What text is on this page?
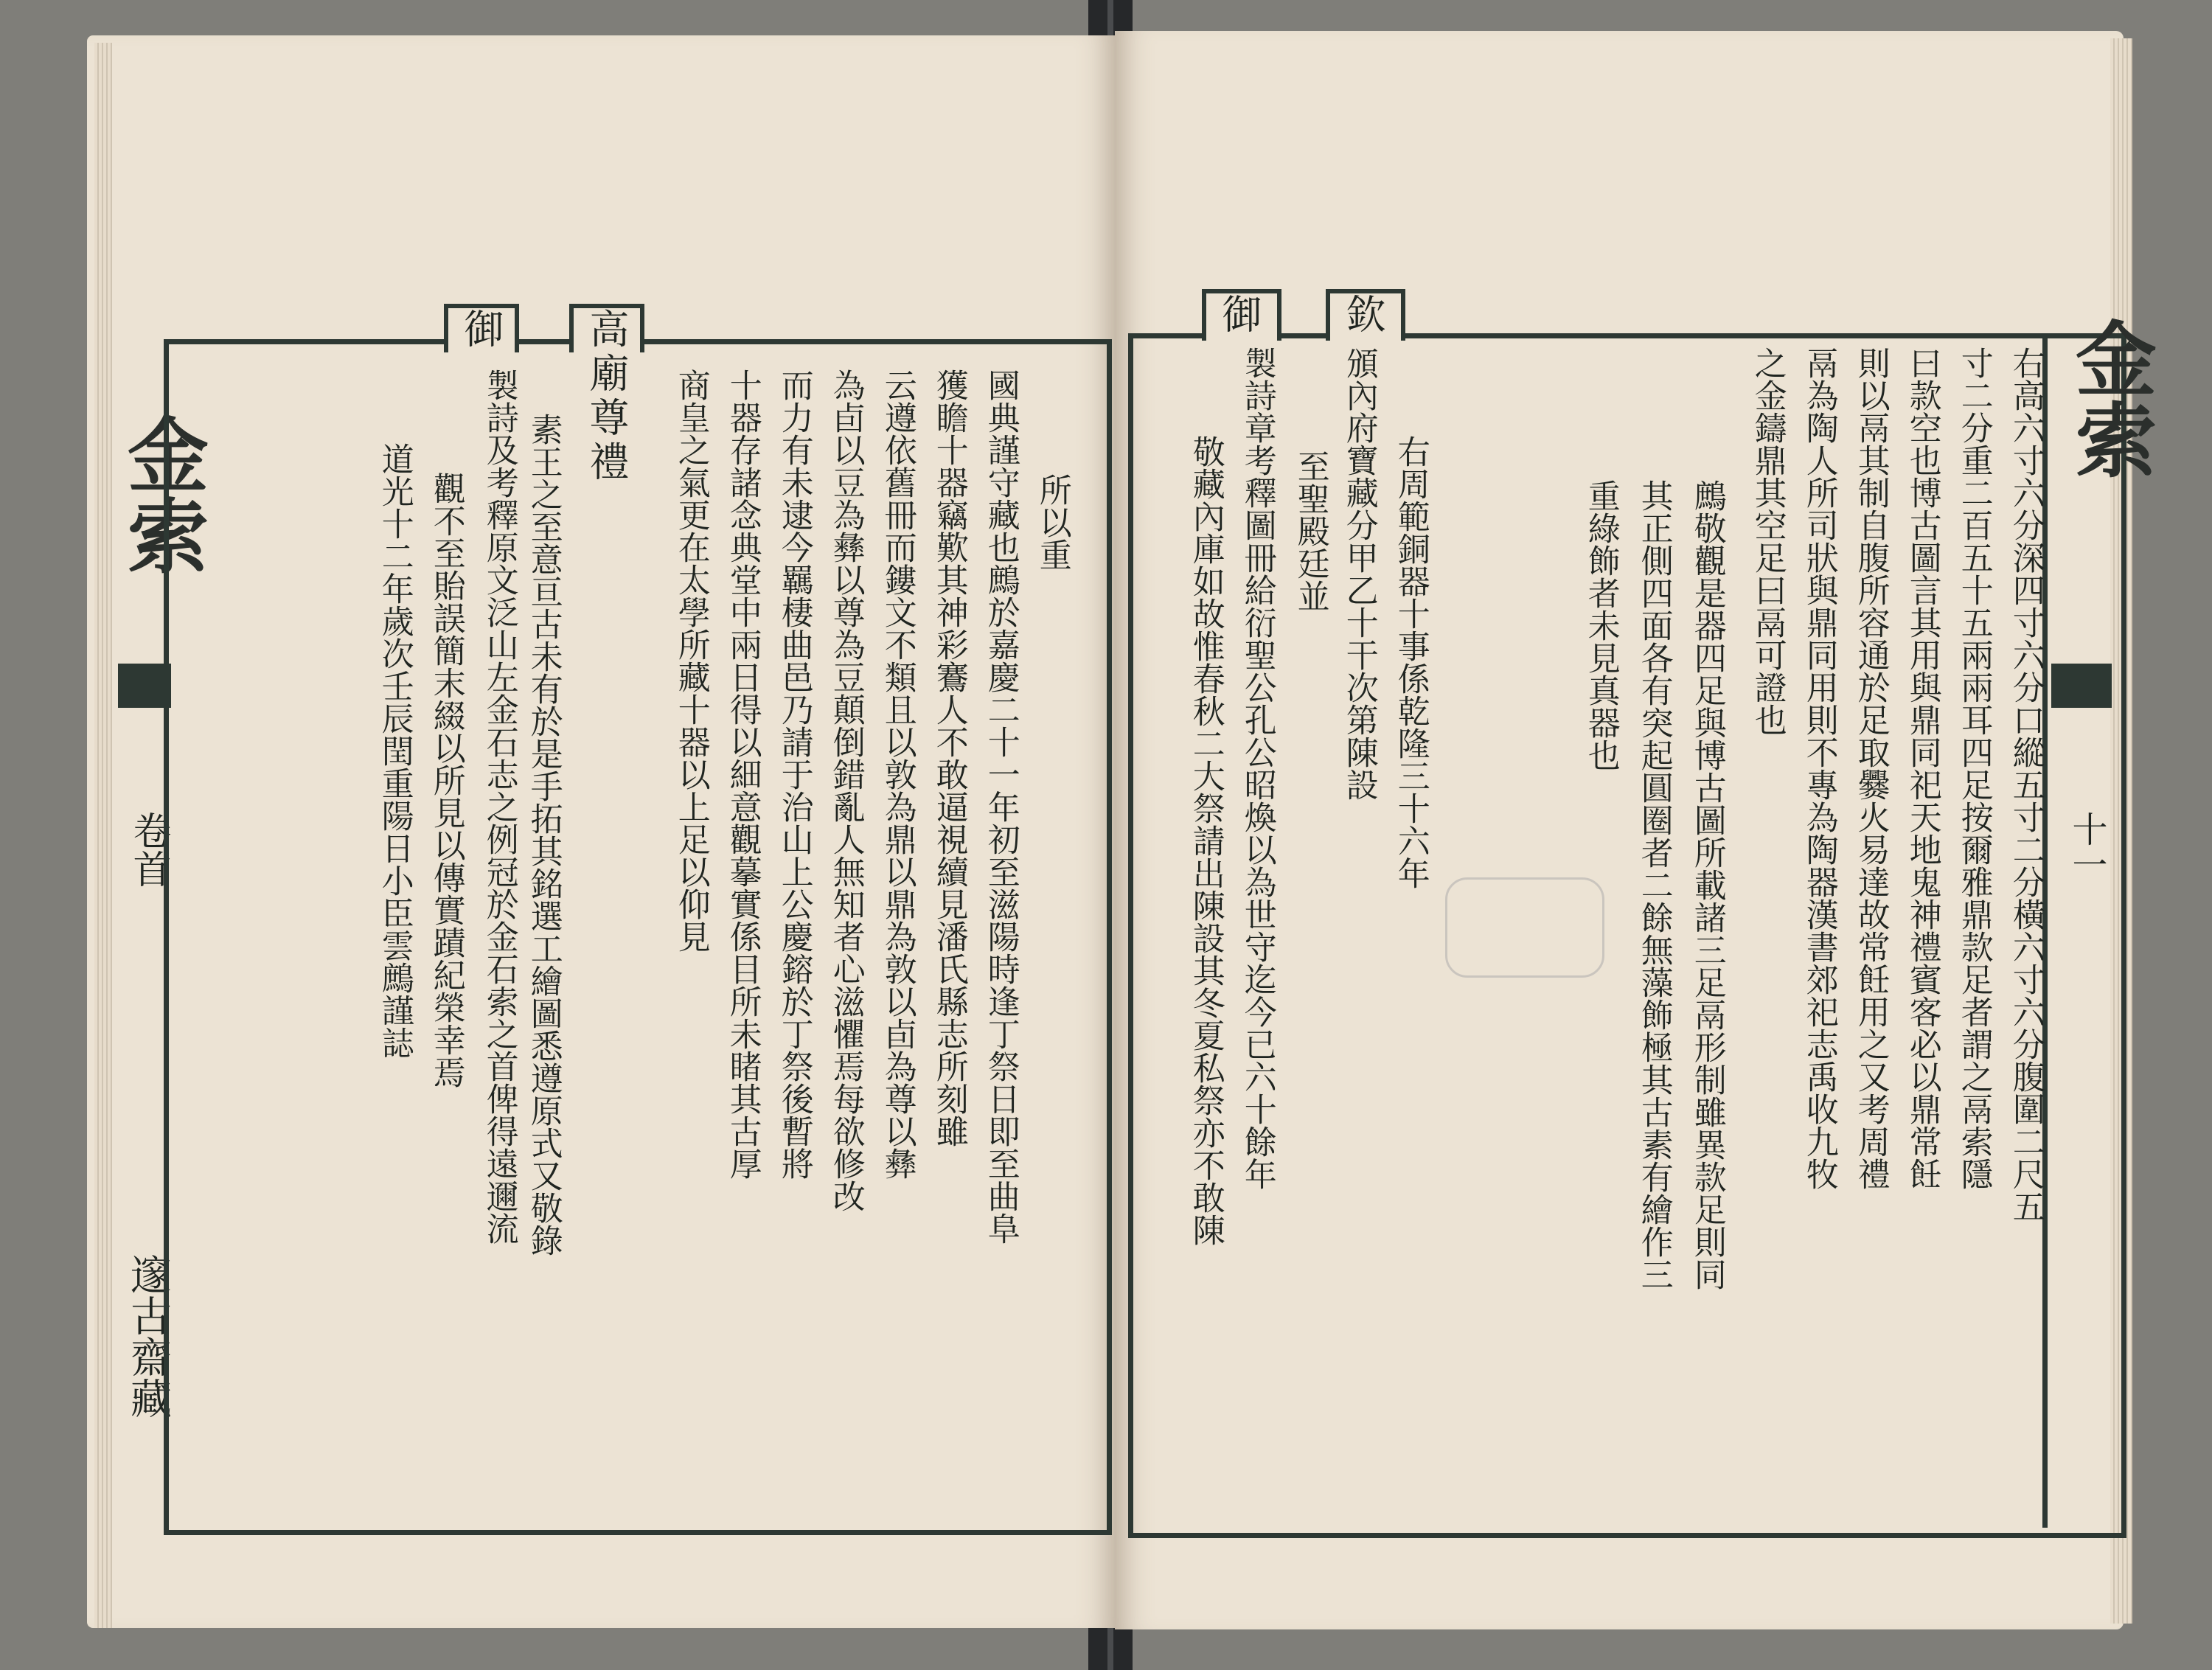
金索
卷首
邃古齋藏
御 高廟尊禮
所以重
國典謹守藏也鷓於嘉慶二十一年初至滋陽時逢丁祭日即至曲阜
獲瞻十器竊歎其神彩鶱人不敢逼視續見潘氏縣志所刻雖
云遵依舊冊而鏤文不類且以敦為鼎以鼎為敦以卣為尊以彝
為卣以豆為彝以尊為豆顛倒錯亂人無知者心滋懼焉每欲修改
而力有未逮今羈棲曲邑乃請于治山上公慶鎔於丁祭後暫將
十器存諸念典堂中兩日得以細意觀摹實係目所未睹其古厚
商皇之氣更在太學所藏十器以上足以仰見
素王之至意亘古未有於是手拓其銘選工繪圖悉遵原式又敬錄
製詩及考釋原文泛山左金石志之例冠於金石索之首俾得遠邇流
觀不至貽誤簡末綴以所見以傳實蹟紀榮幸焉
道光十二年歲次壬辰閏重陽日小臣雲鷓謹誌
金索
十一
御 欽
右高六寸六分深四寸六分口縱五寸二分橫六寸六分腹圍二尺五
寸二分重二百五十五兩兩耳四足按爾雅鼎款足者謂之鬲索隱
曰款空也博古圖言其用與鼎同祀天地鬼神禮賓客必以鼎常飪
則以鬲其制自腹所容通於足取爨火易達故常飪用之又考周禮
鬲為陶人所司狀與鼎同用則不專為陶器漢書郊祀志禹收九牧
之金鑄鼎其空足曰鬲可證也
鷓敬觀是器四足與博古圖所載諸三足鬲形制雖異款足則同
其正側四面各有突起圓圈者二餘無藻飾極其古素有繪作三
重綠飾者未見真器也
頒內府寶藏分甲乙十干次第陳設
至聖殿廷並 右周範銅器十事係乾隆三十六年
製詩章考釋圖冊給衍聖公孔公昭煥以為世守迄今已六十餘年
敬藏內庫如故惟春秋二大祭請出陳設其冬夏私祭亦不敢陳
